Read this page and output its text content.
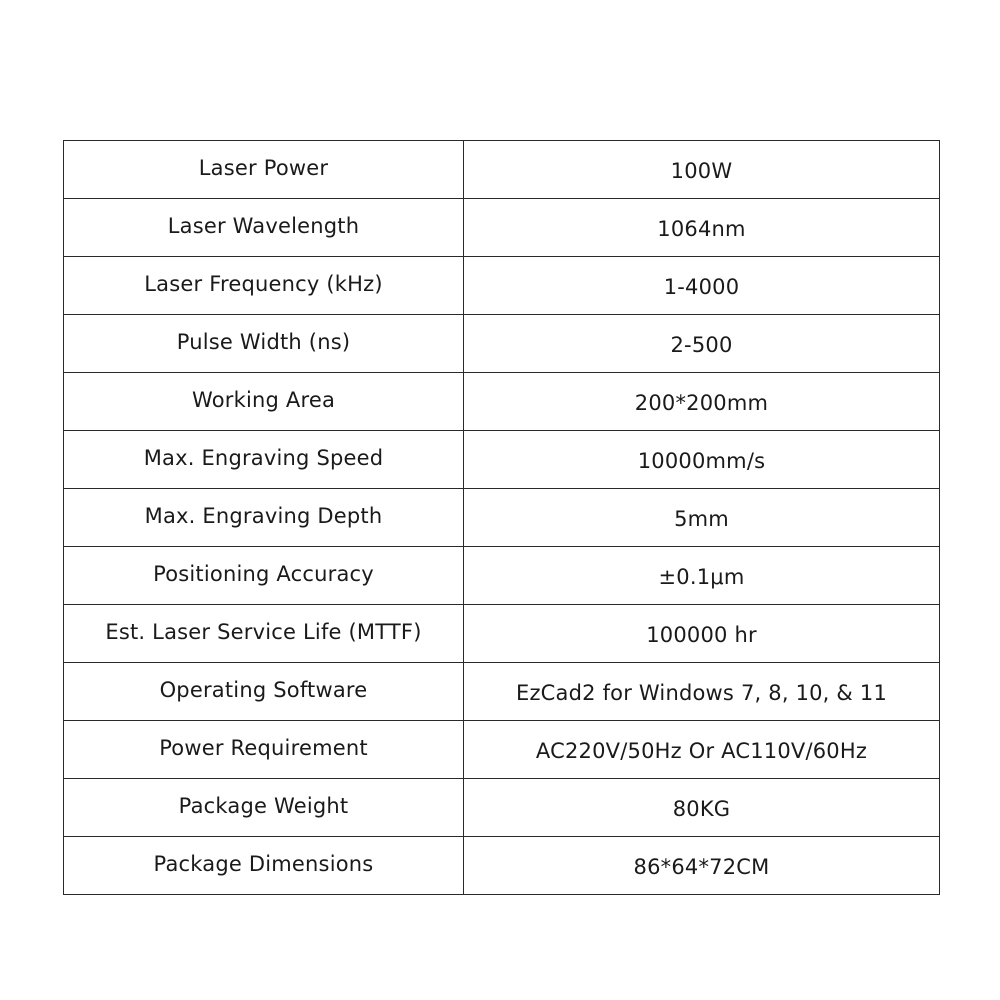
Laser Power	100W
Laser Wavelength	1064nm
Laser Frequency (kHz)	1-4000
Pulse Width (ns)	2-500
Working Area	200*200mm
Max. Engraving Speed	10000mm/s
Max. Engraving Depth	5mm
Positioning Accuracy	±0.1μm
Est. Laser Service Life (MTTF)	100000 hr
Operating Software	EzCad2 for Windows 7, 8, 10, & 11
Power Requirement	AC220V/50Hz Or AC110V/60Hz
Package Weight	80KG
Package Dimensions	86*64*72CM
